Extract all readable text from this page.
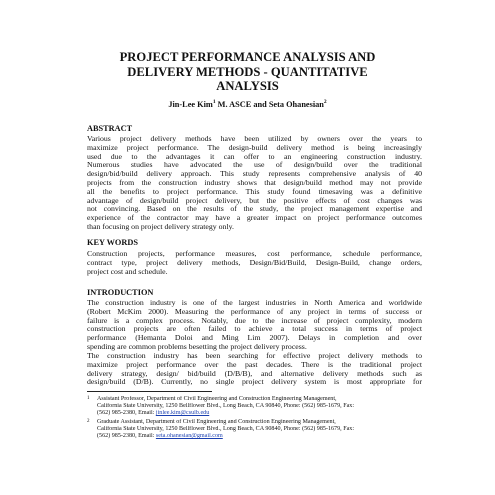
PROJECT PERFORMANCE ANALYSIS AND
DELIVERY METHODS - QUANTITATIVE
ANALYSIS
Jin-Lee Kim$^1$ M. ASCE and Seta Ohanesian$^2$
ABSTRACT
Various project delivery methods have been utilized by owners over the years to
maximize project performance. The design-build delivery method is being increasingly
used due to the advantages it can offer to an engineering construction industry.
Numerous studies have advocated the use of design/build over the traditional
design/bid/build delivery approach. This study represents comprehensive analysis of 40
projects from the construction industry shows that design/build method may not provide
all the benefits to project performance. This study found timesaving was a definitive
advantage of design/build project delivery, but the positive effects of cost changes was
not convincing. Based on the results of the study, the project management expertise and
experience of the contractor may have a greater impact on project performance outcomes
than focusing on project delivery strategy only.
KEY WORDS
Construction projects, performance measures, cost performance, schedule performance,
contract type, project delivery methods, Design/Bid/Build, Design-Build, change orders,
project cost and schedule.
INTRODUCTION
The construction industry is one of the largest industries in North America and worldwide
(Robert McKim 2000). Measuring the performance of any project in terms of success or
failure is a complex process. Notably, due to the increase of project complexity, modern
construction projects are often failed to achieve a total success in terms of project
performance (Hemanta Doloi and Ming Lim 2007). Delays in completion and over
spending are common problems besetting the project delivery process.
The construction industry has been searching for effective project delivery methods to
maximize project performance over the past decades. There is the traditional project
delivery strategy, design/ bid/build (D/B/B), and alternative delivery methods such as
design/build (D/B). Currently, no single project delivery system is most appropriate for
1 Assistant Professor, Department of Civil Engineering and Construction Engineering Management,
California State University, 1250 Bellflower Blvd., Long Beach, CA 90840, Phone: (562) 985-1679, Fax:
(562) 985-2380, Email: jinlee.kim@csulb.edu
2 Graduate Assistant, Department of Civil Engineering and Construction Engineering Management,
California State University, 1250 Bellflower Blvd., Long Beach, CA 90840, Phone: (562) 985-1679, Fax:
(562) 985-2380, Email: seta.ohanesian@gmail.com
